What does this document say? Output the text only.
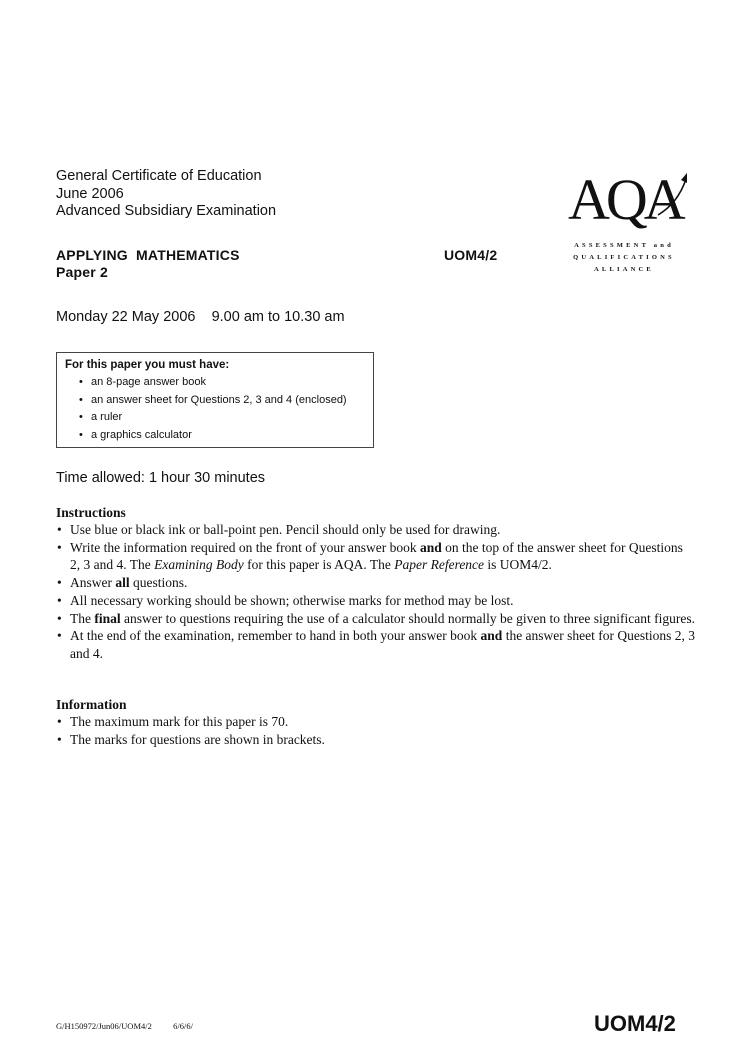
General Certificate of Education
June 2006
Advanced Subsidiary Examination
APPLYING  MATHEMATICS
Paper 2
UOM4/2
AQA
ASSESSMENT and
QUALIFICATIONS
ALLIANCE
Monday 22 May 2006 9.00 am to 10.30 am
For this paper you must have:
• an 8-page answer book
• an answer sheet for Questions 2, 3 and 4 (enclosed)
• a ruler
• a graphics calculator
Time allowed: 1 hour 30 minutes
Instructions
• Use blue or black ink or ball-point pen. Pencil should only be used for drawing.
• Write the information required on the front of your answer book and on the top of the answer sheet for Questions 2, 3 and 4. The Examining Body for this paper is AQA. The Paper Reference is UOM4/2.
• Answer all questions.
• All necessary working should be shown; otherwise marks for method may be lost.
• The final answer to questions requiring the use of a calculator should normally be given to three significant figures.
• At the end of the examination, remember to hand in both your answer book and the answer sheet for Questions 2, 3 and 4.
Information
• The maximum mark for this paper is 70.
• The marks for questions are shown in brackets.
G/H150972/Jun06/UOM4/2	6/6/6/	UOM4/2
